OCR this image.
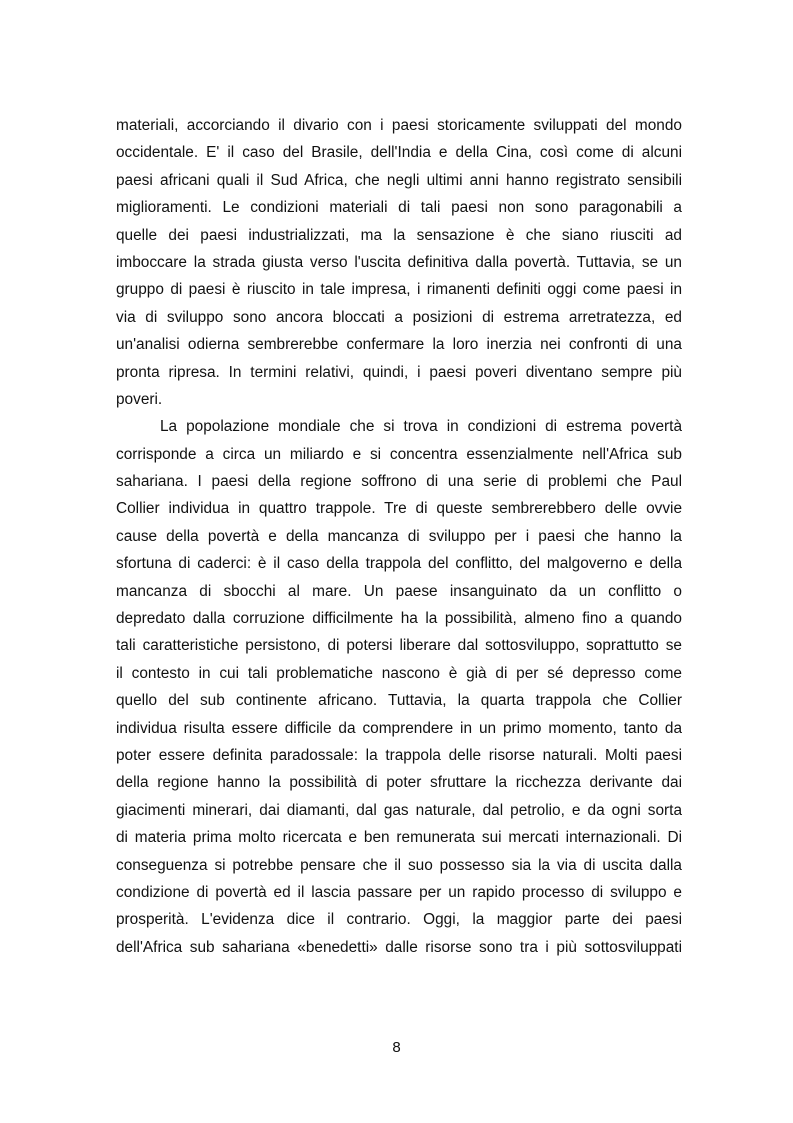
materiali, accorciando il divario con i paesi storicamente sviluppati del mondo
occidentale. E' il caso del Brasile, dell'India e della Cina, così come di alcuni
paesi africani quali il Sud Africa, che negli ultimi anni hanno registrato sensibili
miglioramenti. Le condizioni materiali di tali paesi non sono paragonabili a
quelle dei paesi industrializzati, ma la sensazione è che siano riusciti ad
imboccare la strada giusta verso l'uscita definitiva dalla povertà. Tuttavia, se un
gruppo di paesi è riuscito in tale impresa, i rimanenti definiti oggi come paesi in
via di sviluppo sono ancora bloccati a posizioni di estrema arretratezza, ed
un'analisi odierna sembrerebbe confermare la loro inerzia nei confronti di una
pronta ripresa. In termini relativi, quindi, i paesi poveri diventano sempre più
poveri.
La popolazione mondiale che si trova in condizioni di estrema povertà
corrisponde a circa un miliardo e si concentra essenzialmente nell'Africa sub
sahariana. I paesi della regione soffrono di una serie di problemi che Paul
Collier individua in quattro trappole. Tre di queste sembrerebbero delle ovvie
cause della povertà e della mancanza di sviluppo per i paesi che hanno la
sfortuna di caderci: è il caso della trappola del conflitto, del malgoverno e della
mancanza di sbocchi al mare. Un paese insanguinato da un conflitto o
depredato dalla corruzione difficilmente ha la possibilità, almeno fino a quando
tali caratteristiche persistono, di potersi liberare dal sottosviluppo, soprattutto se
il contesto in cui tali problematiche nascono è già di per sé depresso come
quello del sub continente africano. Tuttavia, la quarta trappola che Collier
individua risulta essere difficile da comprendere in un primo momento, tanto da
poter essere definita paradossale: la trappola delle risorse naturali. Molti paesi
della regione hanno la possibilità di poter sfruttare la ricchezza derivante dai
giacimenti minerari, dai diamanti, dal gas naturale, dal petrolio, e da ogni sorta
di materia prima molto ricercata e ben remunerata sui mercati internazionali. Di
conseguenza si potrebbe pensare che il suo possesso sia la via di uscita dalla
condizione di povertà ed il lascia passare per un rapido processo di sviluppo e
prosperità. L'evidenza dice il contrario. Oggi, la maggior parte dei paesi
dell'Africa sub sahariana «benedetti» dalle risorse sono tra i più sottosviluppati
8
